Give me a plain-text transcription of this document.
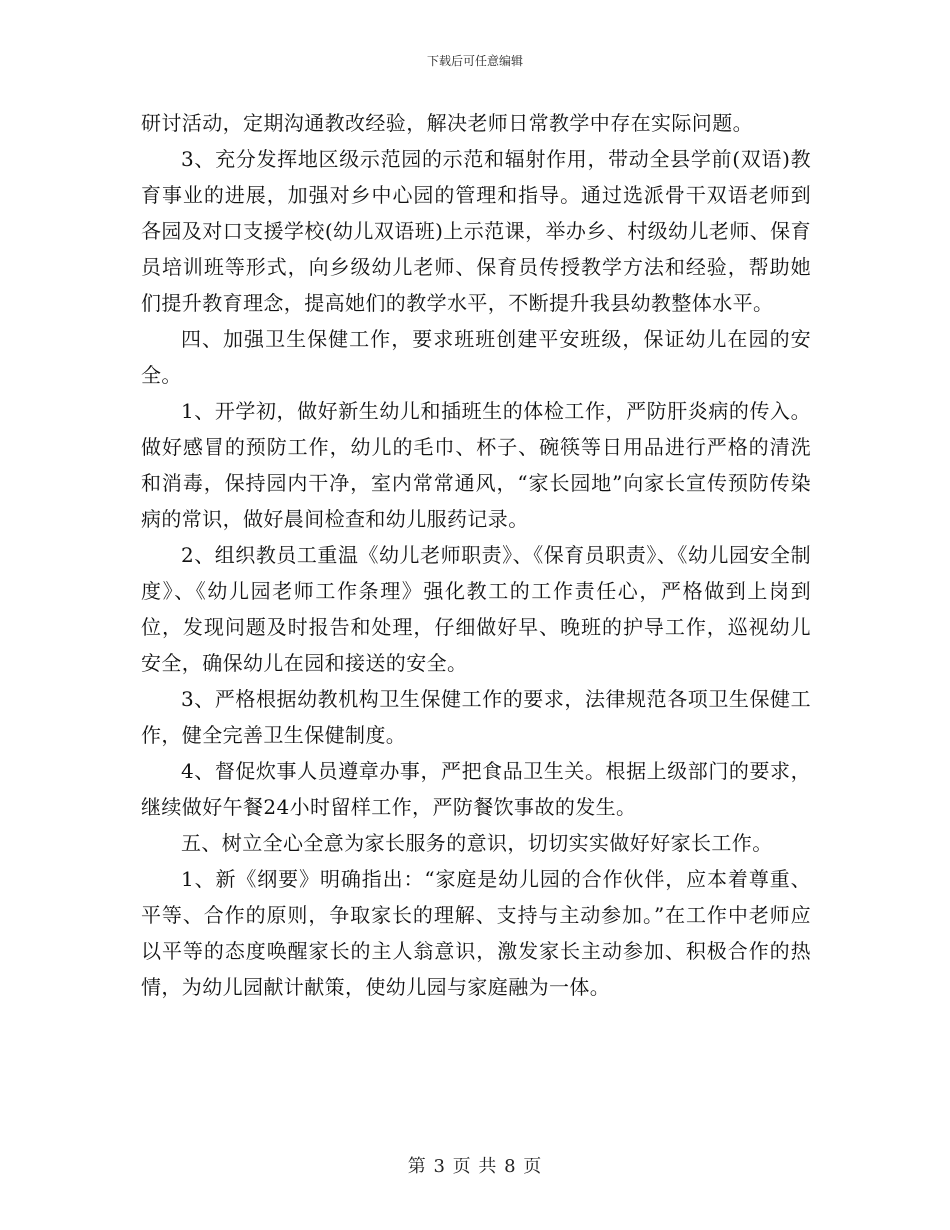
下载后可任意编辑

研讨活动，定期沟通教改经验，解决老师日常教学中存在实际问题。

3、充分发挥地区级示范园的示范和辐射作用，带动全县学前(双语)教育事业的进展，加强对乡中心园的管理和指导。通过选派骨干双语老师到各园及对口支援学校(幼儿双语班)上示范课，举办乡、村级幼儿老师、保育员培训班等形式，向乡级幼儿老师、保育员传授教学方法和经验，帮助她们提升教育理念，提高她们的教学水平，不断提升我县幼教整体水平。

四、加强卫生保健工作，要求班班创建平安班级，保证幼儿在园的安全。

1、开学初，做好新生幼儿和插班生的体检工作，严防肝炎病的传入。做好感冒的预防工作，幼儿的毛巾、杯子、碗筷等日用品进行严格的清洗和消毒，保持园内干净，室内常常通风，“家长园地”向家长宣传预防传染病的常识，做好晨间检查和幼儿服药记录。

2、组织教员工重温《幼儿老师职责》、《保育员职责》、《幼儿园安全制度》、《幼儿园老师工作条理》强化教工的工作责任心，严格做到上岗到位，发现问题及时报告和处理，仔细做好早、晚班的护导工作，巡视幼儿安全，确保幼儿在园和接送的安全。

3、严格根据幼教机构卫生保健工作的要求，法律规范各项卫生保健工作，健全完善卫生保健制度。

4、督促炊事人员遵章办事，严把食品卫生关。根据上级部门的要求，继续做好午餐24小时留样工作，严防餐饮事故的发生。

五、树立全心全意为家长服务的意识，切切实实做好好家长工作。

1、新《纲要》明确指出：“家庭是幼儿园的合作伙伴，应本着尊重、平等、合作的原则，争取家长的理解、支持与主动参加。”在工作中老师应以平等的态度唤醒家长的主人翁意识，激发家长主动参加、积极合作的热情，为幼儿园献计献策，使幼儿园与家庭融为一体。

第 3 页 共 8 页
